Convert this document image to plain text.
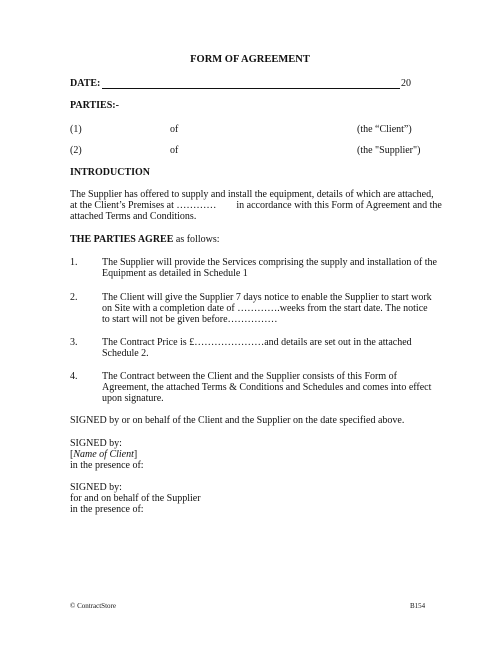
FORM OF AGREEMENT
DATE:	20
PARTIES:-
(1)	of	(the “Client”)
(2)	of	(the "Supplier")
INTRODUCTION
The Supplier has offered to supply and install the equipment, details of which are attached,
at the Client’s Premises at …………        in accordance with this Form of Agreement and the
attached Terms and Conditions.
THE PARTIES AGREE as follows:
1. The Supplier will provide the Services comprising the supply and installation of the
Equipment as detailed in Schedule 1
2. The Client will give the Supplier 7 days notice to enable the Supplier to start work
on Site with a completion date of ………….weeks from the start date. The notice
to start will not be given before……………
3. The Contract Price is £…………………and details are set out in the attached
Schedule 2.
4. The Contract between the Client and the Supplier consists of this Form of
Agreement, the attached Terms & Conditions and Schedules and comes into effect
upon signature.
SIGNED by or on behalf of the Client and the Supplier on the date specified above.
SIGNED by:
[Name of Client]
in the presence of:
SIGNED by:
for and on behalf of the Supplier
in the presence of:
© ContractStore	B154
